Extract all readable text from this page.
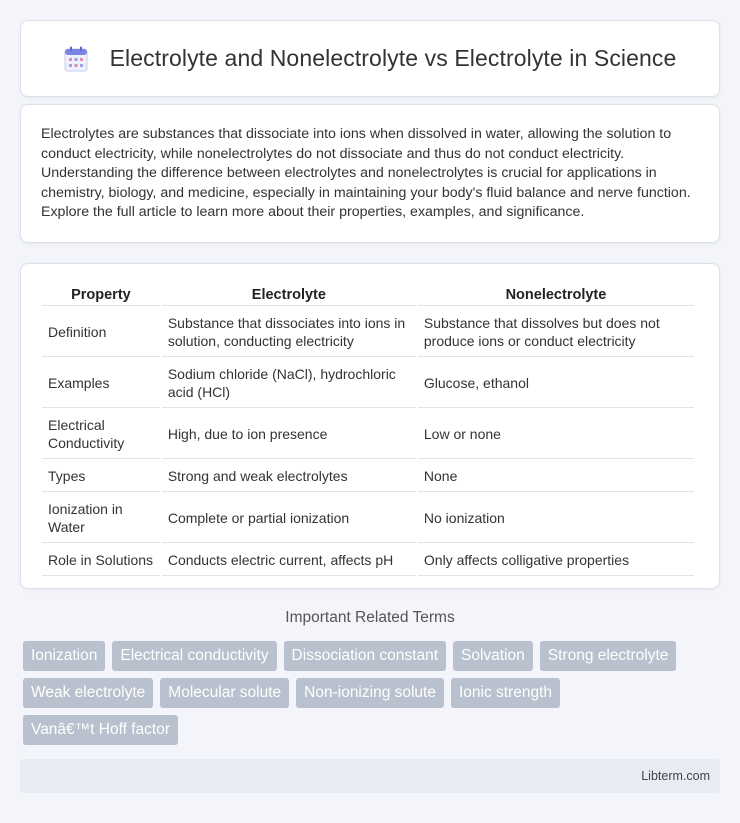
Electrolyte and Nonelectrolyte vs Electrolyte in Science

Electrolytes are substances that dissociate into ions when dissolved in water, allowing the solution to conduct electricity, while nonelectrolytes do not dissociate and thus do not conduct electricity. Understanding the difference between electrolytes and nonelectrolytes is crucial for applications in chemistry, biology, and medicine, especially in maintaining your body's fluid balance and nerve function. Explore the full article to learn more about their properties, examples, and significance.

Property	Electrolyte	Nonelectrolyte
Definition	Substance that dissociates into ions in solution, conducting electricity	Substance that dissolves but does not produce ions or conduct electricity
Examples	Sodium chloride (NaCl), hydrochloric acid (HCl)	Glucose, ethanol
Electrical Conductivity	High, due to ion presence	Low or none
Types	Strong and weak electrolytes	None
Ionization in Water	Complete or partial ionization	No ionization
Role in Solutions	Conducts electric current, affects pH	Only affects colligative properties
Important Related Terms
Ionization	Electrical conductivity	Dissociation constant	Solvation	Strong electrolyte
Weak electrolyte	Molecular solute	Non-ionizing solute	Ionic strength
Vanâ€™t Hoff factor
Libterm.com
